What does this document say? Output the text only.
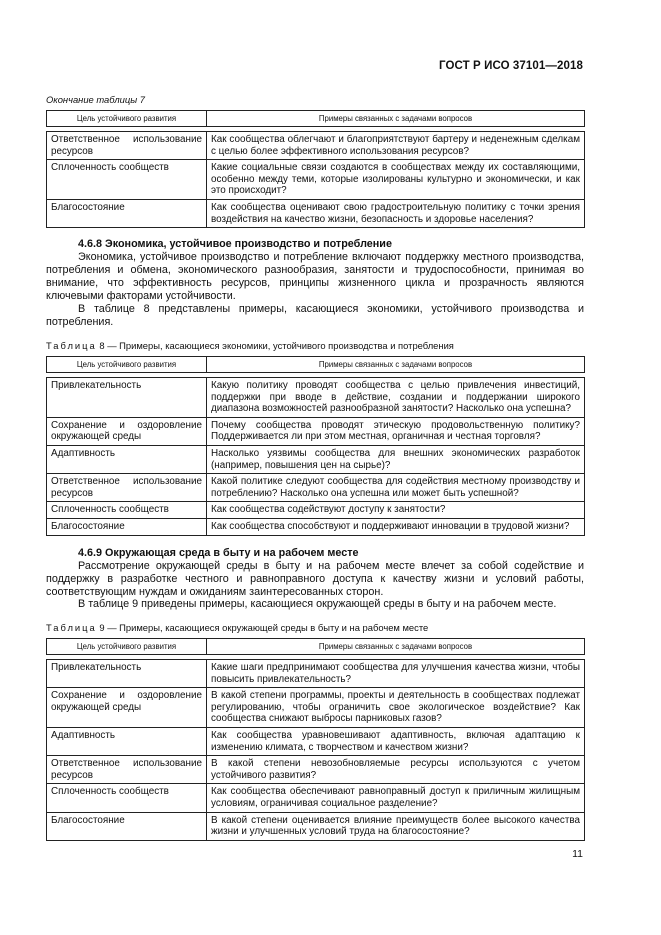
ГОСТ Р ИСО 37101—2018
Окончание таблицы 7
Цель устойчивого развития	Примеры связанных с задачами вопросов

Ответственное использование ресурсов	Как сообщества облегчают и благоприятствуют бартеру и неденежным сделкам с целью более эффективного использования ресурсов?
Сплоченность сообществ	Какие социальные связи создаются в сообществах между их составляющими, особенно между теми, которые изолированы культурно и экономически, и как это происходит?
Благосостояние	Как сообщества оценивают свою градостроительную политику с точки зрения воздействия на качество жизни, безопасность и здоровье населения?
4.6.8 Экономика, устойчивое производство и потребление
Экономика, устойчивое производство и потребление включают поддержку местного производства, потребления и обмена, экономического разнообразия, занятости и трудоспособности, принимая во внимание, что эффективность ресурсов, принципы жизненного цикла и прозрачность являются ключевыми факторами устойчивости.
В таблице 8 представлены примеры, касающиеся экономики, устойчивого производства и потребления.
Таблица 8 — Примеры, касающиеся экономики, устойчивого производства и потребления
Цель устойчивого развития	Примеры связанных с задачами вопросов

Привлекательность	Какую политику проводят сообщества с целью привлечения инвестиций, поддержки при вводе в действие, создании и поддержании широкого диапазона возможностей разнообразной занятости? Насколько она успешна?
Сохранение и оздоровление окружающей среды	Почему сообщества проводят этическую продовольственную политику? Поддерживается ли при этом местная, органичная и честная торговля?
Адаптивность	Насколько уязвимы сообщества для внешних экономических разработок (например, повышения цен на сырье)?
Ответственное использование ресурсов	Какой политике следуют сообщества для содействия местному производству и потреблению? Насколько она успешна или может быть успешной?
Сплоченность сообществ	Как сообщества содействуют доступу к занятости?
Благосостояние	Как сообщества способствуют и поддерживают инновации в трудовой жизни?
4.6.9 Окружающая среда в быту и на рабочем месте
Рассмотрение окружающей среды в быту и на рабочем месте влечет за собой содействие и поддержку в разработке честного и равноправного доступа к качеству жизни и условий работы, соответствующим нуждам и ожиданиям заинтересованных сторон.
В таблице 9 приведены примеры, касающиеся окружающей среды в быту и на рабочем месте.
Таблица 9 — Примеры, касающиеся окружающей среды в быту и на рабочем месте
Цель устойчивого развития	Примеры связанных с задачами вопросов

Привлекательность	Какие шаги предпринимают сообщества для улучшения качества жизни, чтобы повысить привлекательность?
Сохранение и оздоровление окружающей среды	В какой степени программы, проекты и деятельность в сообществах подлежат регулированию, чтобы ограничить свое экологическое воздействие? Как сообщества снижают выбросы парниковых газов?
Адаптивность	Как сообщества уравновешивают адаптивность, включая адаптацию к изменению климата, с творчеством и качеством жизни?
Ответственное использование ресурсов	В какой степени невозобновляемые ресурсы используются с учетом устойчивого развития?
Сплоченность сообществ	Как сообщества обеспечивают равноправный доступ к приличным жилищным условиям, ограничивая социальное разделение?
Благосостояние	В какой степени оценивается влияние преимуществ более высокого качества жизни и улучшенных условий труда на благосостояние?
11
